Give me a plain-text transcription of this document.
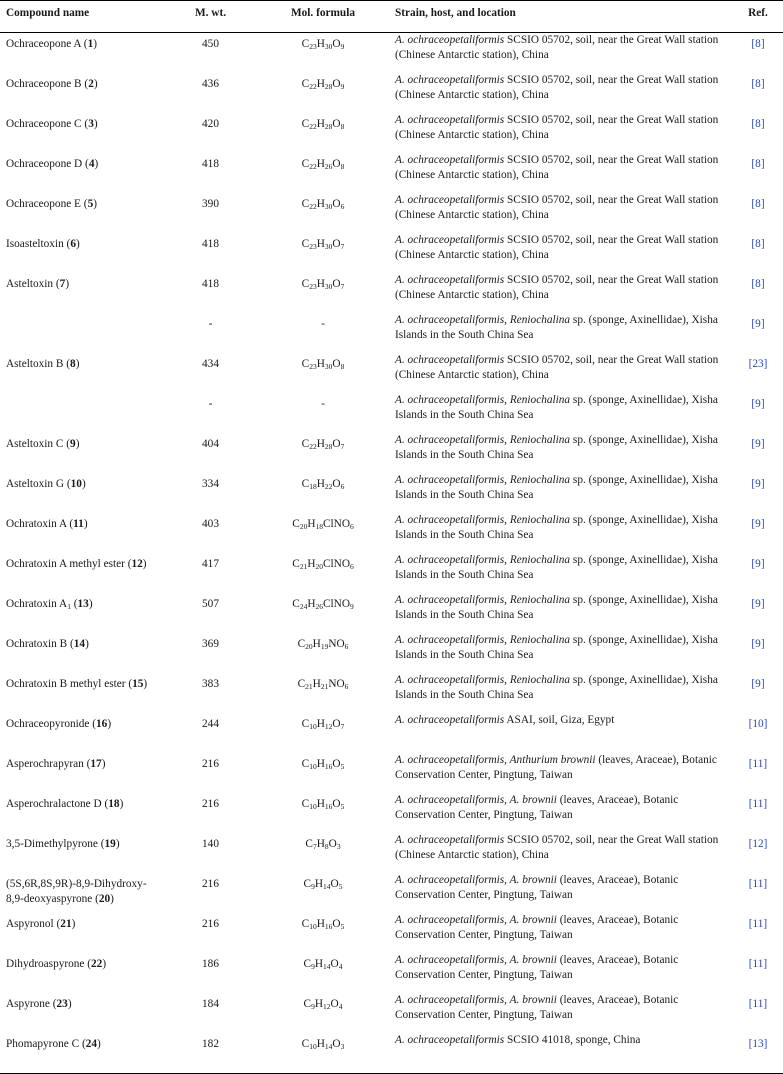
Compound name	M. wt.	Mol. formula	Strain, host, and location	Ref.
Ochraceopone A (1)	450	$C_{23}H_{30}O_9$	A. ochraceopetaliformis SCSIO 05702, soil, near the Great Wall station (Chinese Antarctic station), China	[8]
Ochraceopone B (2)	436	$C_{22}H_{28}O_9$	A. ochraceopetaliformis SCSIO 05702, soil, near the Great Wall station (Chinese Antarctic station), China	[8]
Ochraceopone C (3)	420	$C_{22}H_{28}O_8$	A. ochraceopetaliformis SCSIO 05702, soil, near the Great Wall station (Chinese Antarctic station), China	[8]
Ochraceopone D (4)	418	$C_{22}H_{26}O_8$	A. ochraceopetaliformis SCSIO 05702, soil, near the Great Wall station (Chinese Antarctic station), China	[8]
Ochraceopone E (5)	390	$C_{22}H_{30}O_6$	A. ochraceopetaliformis SCSIO 05702, soil, near the Great Wall station (Chinese Antarctic station), China	[8]
Isoasteltoxin (6)	418	$C_{23}H_{30}O_7$	A. ochraceopetaliformis SCSIO 05702, soil, near the Great Wall station (Chinese Antarctic station), China	[8]
Asteltoxin (7)	418	$C_{23}H_{30}O_7$	A. ochraceopetaliformis SCSIO 05702, soil, near the Great Wall station (Chinese Antarctic station), China	[8]
	-	-	A. ochraceopetaliformis, Reniochalina sp. (sponge, Axinellidae), Xisha Islands in the South China Sea	[9]
Asteltoxin B (8)	434	$C_{23}H_{30}O_8$	A. ochraceopetaliformis SCSIO 05702, soil, near the Great Wall station (Chinese Antarctic station), China	[23]
	-	-	A. ochraceopetaliformis, Reniochalina sp. (sponge, Axinellidae), Xisha Islands in the South China Sea	[9]
Asteltoxin C (9)	404	$C_{22}H_{28}O_7$	A. ochraceopetaliformis, Reniochalina sp. (sponge, Axinellidae), Xisha Islands in the South China Sea	[9]
Asteltoxin G (10)	334	$C_{18}H_{22}O_6$	A. ochraceopetaliformis, Reniochalina sp. (sponge, Axinellidae), Xisha Islands in the South China Sea	[9]
Ochratoxin A (11)	403	$C_{20}H_{18}ClNO_6$	A. ochraceopetaliformis, Reniochalina sp. (sponge, Axinellidae), Xisha Islands in the South China Sea	[9]
Ochratoxin A methyl ester (12)	417	$C_{21}H_{20}ClNO_6$	A. ochraceopetaliformis, Reniochalina sp. (sponge, Axinellidae), Xisha Islands in the South China Sea	[9]
Ochratoxin $A_1$ (13)	507	$C_{24}H_{26}ClNO_9$	A. ochraceopetaliformis, Reniochalina sp. (sponge, Axinellidae), Xisha Islands in the South China Sea	[9]
Ochratoxin B (14)	369	$C_{20}H_{19}NO_6$	A. ochraceopetaliformis, Reniochalina sp. (sponge, Axinellidae), Xisha Islands in the South China Sea	[9]
Ochratoxin B methyl ester (15)	383	$C_{21}H_{21}NO_6$	A. ochraceopetaliformis, Reniochalina sp. (sponge, Axinellidae), Xisha Islands in the South China Sea	[9]
Ochraceopyronide (16)	244	$C_{10}H_{12}O_7$	A. ochraceopetaliformis ASAI, soil, Giza, Egypt	[10]
Asperochrapyran (17)	216	$C_{10}H_{16}O_5$	A. ochraceopetaliformis, Anthurium brownii (leaves, Araceae), Botanic Conservation Center, Pingtung, Taiwan	[11]
Asperochralactone D (18)	216	$C_{10}H_{16}O_5$	A. ochraceopetaliformis, A. brownii (leaves, Araceae), Botanic Conservation Center, Pingtung, Taiwan	[11]
3,5-Dimethylpyrone (19)	140	$C_7H_8O_3$	A. ochraceopetaliformis SCSIO 05702, soil, near the Great Wall station (Chinese Antarctic station), China	[12]
(5S,6R,8S,9R)-8,9-Dihydroxy-8,9-deoxyaspyrone (20)	216	$C_9H_{14}O_5$	A. ochraceopetaliformis, A. brownii (leaves, Araceae), Botanic Conservation Center, Pingtung, Taiwan	[11]
Aspyronol (21)	216	$C_{10}H_{16}O_5$	A. ochraceopetaliformis, A. brownii (leaves, Araceae), Botanic Conservation Center, Pingtung, Taiwan	[11]
Dihydroaspyrone (22)	186	$C_9H_{14}O_4$	A. ochraceopetaliformis, A. brownii (leaves, Araceae), Botanic Conservation Center, Pingtung, Taiwan	[11]
Aspyrone (23)	184	$C_9H_{12}O_4$	A. ochraceopetaliformis, A. brownii (leaves, Araceae), Botanic Conservation Center, Pingtung, Taiwan	[11]
Phomapyrone C (24)	182	$C_{10}H_{14}O_3$	A. ochraceopetaliformis SCSIO 41018, sponge, China	[13]
